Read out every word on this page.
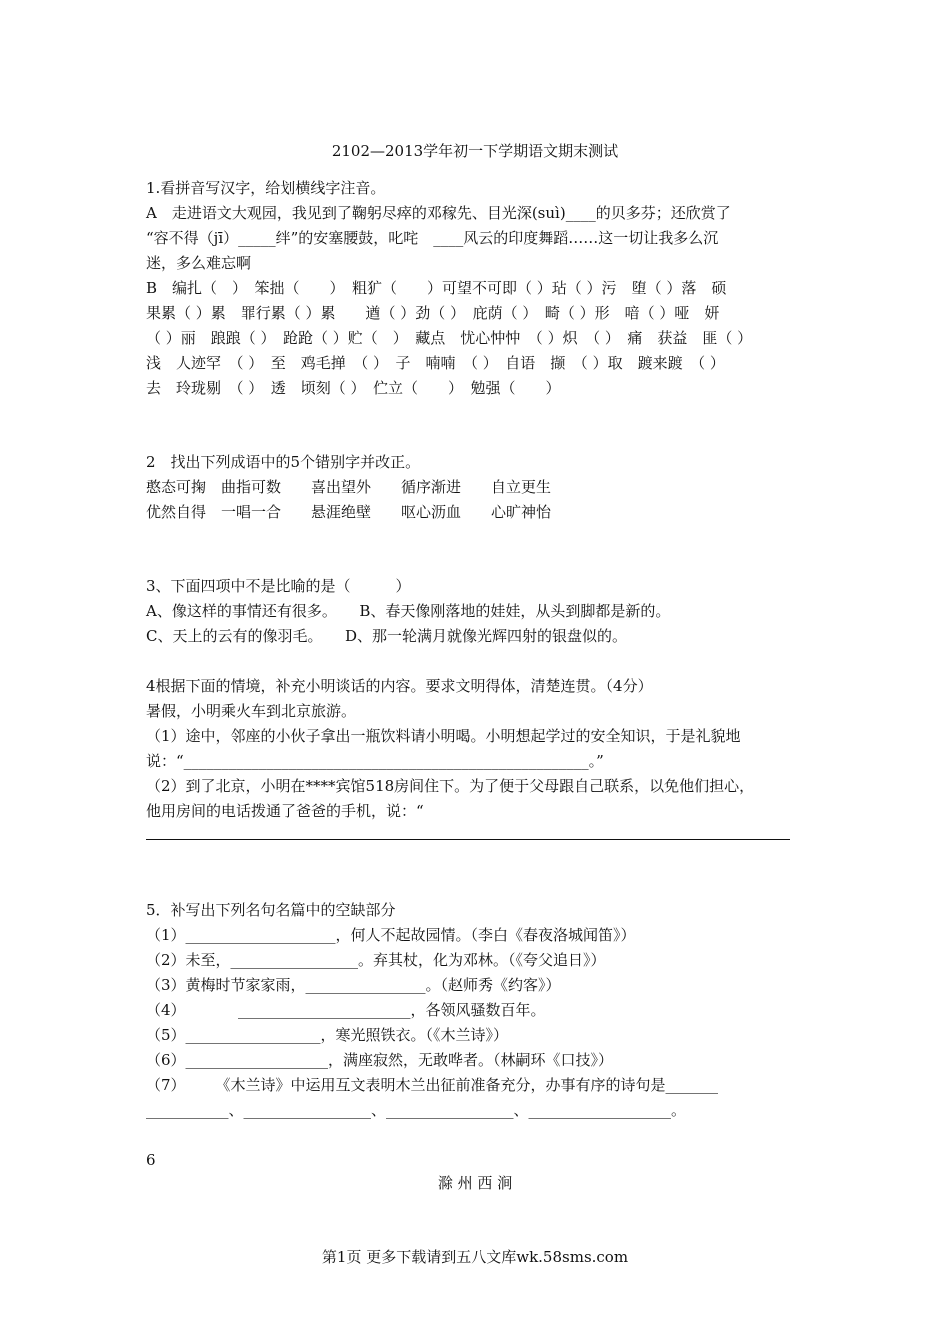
2102—2013学年初一下学期语文期末测试
1.看拼音写汉字，给划横线字注音。
A　走进语文大观园，我见到了鞠躬尽瘁的邓稼先、目光深(suì)____的贝多芬；还欣赏了
“容不得（jī）_____绊”的安塞腰鼓，叱咤　____风云的印度舞蹈……这一切让我多么沉
迷，多么难忘啊
B　编扎（　）　笨拙（　　）　粗犷（　　）可望不可即（ ）玷（ ）污　堕（ ）落　硕
果累（ ）累　罪行累（ ）累　　遒（ ）劲（ ）　庇荫（ ）　畸（ ）形　喑（ ）哑　妍
（ ）丽　踉踉（ ）　跄跄（ ）贮（　）　藏点　忧心忡忡　（ ）炽　（ ）　痛　获益　匪（ ）
浅　人迹罕　（ ）　至　鸡毛掸　（ ）　子　喃喃　（ ）　自语　撷　（ ）取　踱来踱　（ ）
去　玲珑剔　（ ）　透　顷刻（ ）　伫立（　　）　勉强（　　）
2　找出下列成语中的5个错别字并改正。
憨态可掬　曲指可数　　喜出望外　　循序渐进　　自立更生
优然自得　一唱一合　　悬涯绝壁　　呕心沥血　　心旷神怡
3、下面四项中不是比喻的是（　　　）
A、像这样的事情还有很多。　　B、春天像刚落地的娃娃，从头到脚都是新的。
C、天上的云有的像羽毛。　　D、那一轮满月就像光辉四射的银盘似的。
4根据下面的情境，补充小明谈话的内容。要求文明得体，清楚连贯。（4分）
暑假，小明乘火车到北京旅游。
（1）途中，邻座的小伙子拿出一瓶饮料请小明喝。小明想起学过的安全知识，于是礼貌地
说：“______________________________________________________。”
（2）到了北京，小明在****宾馆518房间住下。为了便于父母跟自己联系，以免他们担心，
他用房间的电话拨通了爸爸的手机，说：“
5．补写出下列名句名篇中的空缺部分
（1）____________________，何人不起故园情。（李白《春夜洛城闻笛》）
（2）未至，_________________。弃其杖，化为邓林。（《夸父追日》）
（3）黄梅时节家家雨，________________。（赵师秀《约客》）
（4）　　　　_______________________，各领风骚数百年。
（5）__________________，寒光照铁衣。（《木兰诗》）
（6）___________________，满座寂然，无敢哗者。（林嗣环《口技》）
（7）　　　《木兰诗》中运用互文表明木兰出征前准备充分，办事有序的诗句是_______
___________、_________________、_________________、___________________。
6
滁 州 西 涧
第1页 更多下载请到五八文库wk.58sms.com
